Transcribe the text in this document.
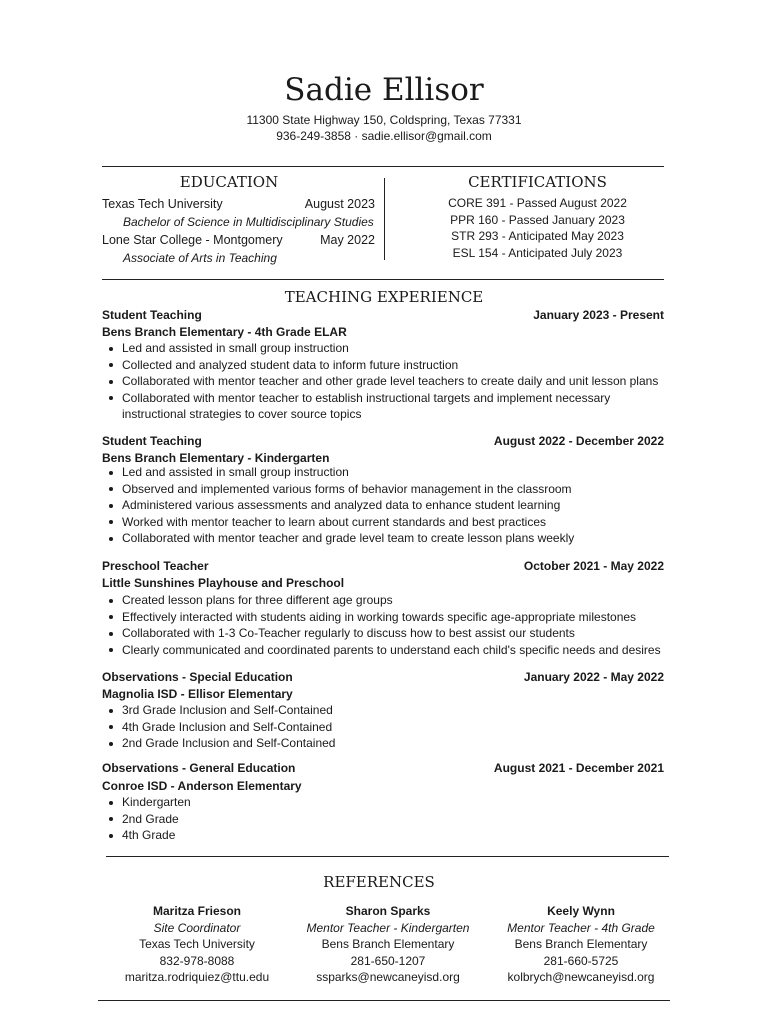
Sadie Ellisor
11300 State Highway 150, Coldspring, Texas 77331
936-249-3858 · sadie.ellisor@gmail.com
EDUCATION
Texas Tech University	August 2023
Bachelor of Science in Multidisciplinary Studies
Lone Star College - Montgomery	May 2022
Associate of Arts in Teaching
CERTIFICATIONS
CORE 391 - Passed August 2022
PPR 160 - Passed January 2023
STR 293 - Anticipated May 2023
ESL 154 - Anticipated July 2023
TEACHING EXPERIENCE
Student Teaching	January 2023 - Present
Bens Branch Elementary - 4th Grade ELAR
Led and assisted in small group instruction
Collected and analyzed student data to inform future instruction
Collaborated with mentor teacher and other grade level teachers to create daily and unit lesson plans
Collaborated with mentor teacher to establish instructional targets and implement necessary
instructional strategies to cover source topics
Student Teaching	August 2022 - December 2022
Bens Branch Elementary - Kindergarten
Led and assisted in small group instruction
Observed and implemented various forms of behavior management in the classroom
Administered various assessments and analyzed data to enhance student learning
Worked with mentor teacher to learn about current standards and best practices
Collaborated with mentor teacher and grade level team to create lesson plans weekly
Preschool Teacher	October 2021 - May 2022
Little Sunshines Playhouse and Preschool
Created lesson plans for three different age groups
Effectively interacted with students aiding in working towards specific age-appropriate milestones
Collaborated with 1-3 Co-Teacher regularly to discuss how to best assist our students
Clearly communicated and coordinated parents to understand each child's specific needs and desires
Observations - Special Education	January 2022 - May 2022
Magnolia ISD - Ellisor Elementary
3rd Grade Inclusion and Self-Contained
4th Grade Inclusion and Self-Contained
2nd Grade Inclusion and Self-Contained
Observations - General Education	August 2021 - December 2021
Conroe ISD - Anderson Elementary
Kindergarten
2nd Grade
4th Grade
REFERENCES
Maritza Frieson
Site Coordinator
Texas Tech University
832-978-8088
maritza.rodriquiez@ttu.edu
Sharon Sparks
Mentor Teacher - Kindergarten
Bens Branch Elementary
281-650-1207
ssparks@newcaneyisd.org
Keely Wynn
Mentor Teacher - 4th Grade
Bens Branch Elementary
281-660-5725
kolbrych@newcaneyisd.org
